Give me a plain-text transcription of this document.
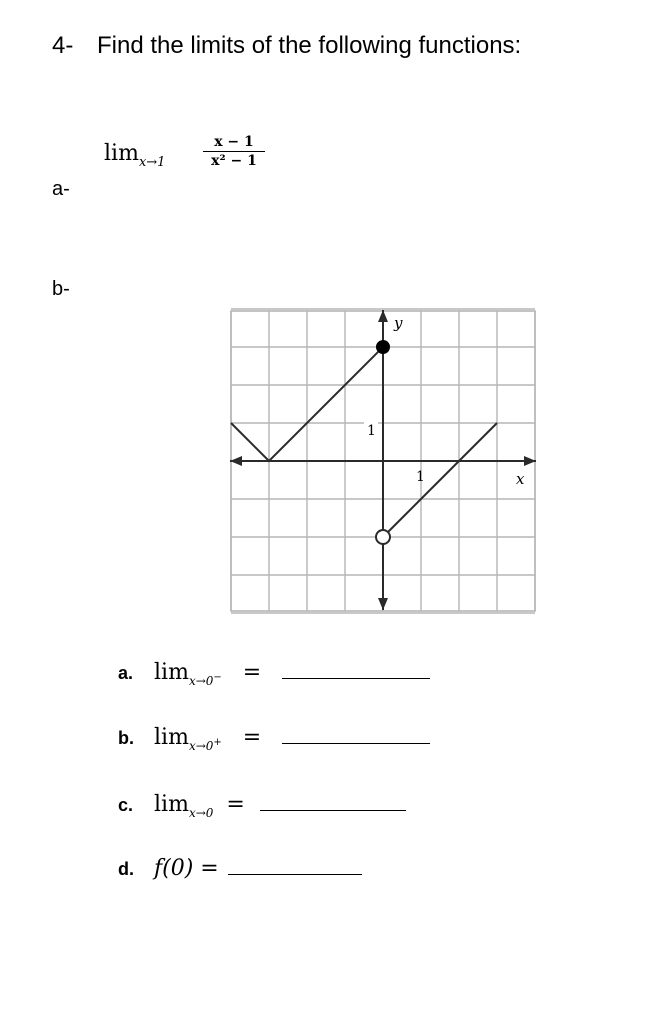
4- Find the limits of the following functions:
$\lim_{x\to 1}$
x − 1
x² − 1
a-
b-
1
1
y
x
a. $\lim_{x\to 0^-}$ =
b. $\lim_{x\to 0^+}$ =
c. $\lim_{x\to 0}$ =
d. f(0) =
